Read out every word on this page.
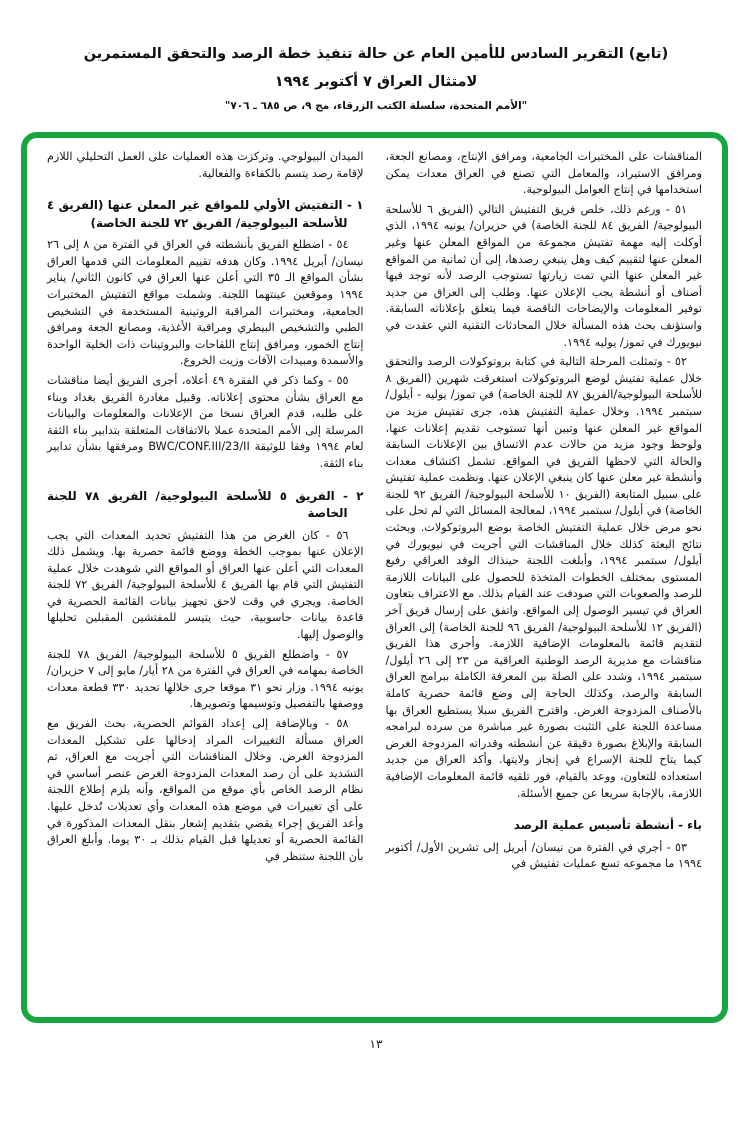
(تابع) التقرير السادس للأمين العام عن حالة تنفيذ خطة الرصد والتحقق المستمرين
لامتثال العراق ٧ أكتوبر ١٩٩٤
"الأمم المتحدة، سلسلة الكتب الزرقاء، مج ٩، ص ٦٨٥ ـ ٧٠٦"

المناقشات على المختبرات الجامعية، ومرافق الإنتاج، ومصانع الجعة، ومرافق الاستيراد، والمعامل التي تصنع في العراق معدات يمكن استخدامها في إنتاج العوامل البيولوجية.

٥١ - ورغم ذلك، خلص فريق التفتيش التالي (الفريق ٦ للأسلحة البيولوجية/ الفريق ٨٤ للجنة الخاصة) في حزيران/ يونيه ١٩٩٤، الذي أوكلت إليه مهمة تفتيش مجموعة من المواقع المعلن عنها وغير المعلن عنها لتقييم كيف وهل ينبغي رصدها، إلى أن ثمانية من المواقع غير المعلن عنها التي تمت زيارتها تستوجب الرصد لأنه توجد فيها أصناف أو أنشطة يجب الإعلان عنها. وطلب إلى العراق من جديد توفير المعلومات والإيضاحات الناقصة فيما يتعلق بإعلاناته السابقة. واستؤنف بحث هذه المسألة خلال المحادثات التقنية التي عقدت في نيويورك في تموز/ يوليه ١٩٩٤.

٥٢ - وتمثلت المرحلة التالية في كتابة بروتوكولات الرصد والتحقق خلال عملية تفتيش لوضع البروتوكولات استغرقت شهرين (الفريق ٨ للأسلحة البيولوجية/الفريق ٨٧ للجنة الخاصة) في تموز/ يوليه - أيلول/ سبتمبر ١٩٩٤. وخلال عملية التفتيش هذه، جرى تفتيش مزيد من المواقع غير المعلن عنها وتبين أنها تستوجب تقديم إعلانات عنها، ولوحظ وجود مزيد من حالات عدم الاتساق بين الإعلانات السابقة والحالة التي لاحظها الفريق في المواقع. تشمل اكتشاف معدات وأنشطة غير معلن عنها كان ينبغي الإعلان عنها. ونظمت عملية تفتيش على سبيل المتابعة (الفريق ١٠ للأسلحة البيولوجية/ الفريق ٩٢ للجنة الخاصة) في أيلول/ سبتمبر ١٩٩٤، لمعالجة المسائل التي لم تحل على نحو مرض خلال عملية التفتيش الخاصة بوضع البروتوكولات. وبحثت نتائج البعثة كذلك خلال المناقشات التي أجريت في نيويورك في أيلول/ سبتمبر ١٩٩٤، وأبلغت اللجنة حينذاك الوفد العراقي رفيع المستوى بمختلف الخطوات المتخذة للحصول على البيانات اللازمة للرصد والصعوبات التي صودفت عند القيام بذلك. مع الاعتراف بتعاون العراق في تيسير الوصول إلى المواقع. واتفق على إرسال فريق آخر (الفريق ١٢ للأسلحة البيولوجية/ الفريق ٩٦ للجنة الخاصة) إلى العراق لتقديم قائمة بالمعلومات الإضافية اللازمة. وأجرى هذا الفريق مناقشات مع مديرية الرصد الوطنية العراقية من ٢٣ إلى ٢٦ أيلول/ سبتمبر ١٩٩٤، وشدد على الصلة بين المعرفة الكاملة ببرامج العراق السابقة والرصد، وكذلك الحاجة إلى وضع قائمة حصرية كاملة بالأصناف المزدوجة الغرض. واقترح الفريق سبلا يستطيع العراق بها مساعدة اللجنة على التثبت بصورة غير مباشرة من سرده لبرامجه السابقة والإبلاغ بصورة دقيقة عن أنشطته وقدراته المزدوجة الغرض كيما يتاح للجنة الإسراع في إنجاز ولايتها. وأكد العراق من جديد استعداده للتعاون، ووعد بالقيام، فور تلقيه قائمة المعلومات الإضافية اللازمة، بالإجابة سريعا عن جميع الأسئلة.

باء - أنشطة تأسيس عملية الرصد

٥٣ - أجري في الفترة من نيسان/ أبريل إلى تشرين الأول/ أكتوبر ١٩٩٤ ما مجموعه تسع عمليات تفتيش في

الميدان البيولوجي. وتركزت هذه العمليات على العمل التحليلي اللازم لإقامة رصد يتسم بالكفاءة والفعالية.

١ - التفتيش الأولي للمواقع غير المعلن عنها (الفريق ٤ للأسلحة البيولوجية/ الفريق ٧٢ للجنة الخاصة)

٥٤ - اضطلع الفريق بأنشطته في العراق في الفترة من ٨ إلى ٢٦ نيسان/ أبريل ١٩٩٤. وكان هدفه تقييم المعلومات التي قدمها العراق بشأن المواقع الـ ٣٥ التي أعلن عنها العراق في كانون الثاني/ يناير ١٩٩٤ وموقعين عينتهما اللجنة. وشملت مواقع التفتيش المختبرات الجامعية، ومختبرات المراقبة الروتينية المستخدمة في التشخيص الطبي والتشخيص البيطري ومراقبة الأغذية، ومصانع الجعة ومرافق إنتاج الخمور، ومرافق إنتاج اللقاحات والبروتينات ذات الخلية الواحدة والأسمدة ومبيدات الآفات وزيت الخروع.

٥٥ - وكما ذكر في الفقرة ٤٩ أعلاه، أجرى الفريق أيضا مناقشات مع العراق بشأن محتوى إعلاناته. وقبيل مغادرة الفريق بغداد وبناء على طلبه، قدم العراق نسخا من الإعلانات والمعلومات والبيانات المرسلة إلى الأمم المتحدة عملا بالاتفاقات المتعلقة بتدابير بناء الثقة لعام ١٩٩٤ وفقا للوثيقة BWC/CONF.III/23/II ومرفقها بشأن تدابير بناء الثقة.

٢ - الفريق ٥ للأسلحة البيولوجية/ الفريق ٧٨ للجنة الخاصة

٥٦ - كان الغرض من هذا التفتيش تحديد المعدات التي يجب الإعلان عنها بموجب الخطة ووضع قائمة حصرية بها. ويشمل ذلك المعدات التي أعلن عنها العراق أو المواقع التي شوهدت خلال عملية التفتيش التي قام بها الفريق ٤ للأسلحة البيولوجية/ الفريق ٧٢ للجنة الخاصة. ويجري في وقت لاحق تجهيز بيانات القائمة الحصرية في قاعدة بيانات حاسوبية، حيث يتيسر للمفتشين المقبلين تحليلها والوصول إليها.

٥٧ - واضطلع الفريق ٥ للأسلحة البيولوجية/ الفريق ٧٨ للجنة الخاصة بمهامه في العراق في الفترة من ٢٨ أيار/ مايو إلى ٧ حزيران/ يونيه ١٩٩٤. وزار نحو ٣١ موقعا جرى خلالها تحديد ٣٣٠ قطعة معدات ووصفها بالتفصيل وتوسيمها وتصويرها.

٥٨ - وبالإضافة إلى إعداد القوائم الحصرية، بحث الفريق مع العراق مسألة التغييرات المراد إدخالها على تشكيل المعدات المزدوجة الغرض. وخلال المناقشات التي أجريت مع العراق، تم التشديد على أن رصد المعدات المزدوجة الغرض عنصر أساسي في نظام الرصد الخاص بأي موقع من المواقع، وأنه يلزم إطلاع اللجنة على أي تغييرات في موضع هذه المعدات وأي تعديلات تُدخل عليها. وأعد الفريق إجراء يقضي بتقديم إشعار بنقل المعدات المذكورة في القائمة الحصرية أو تعديلها قبل القيام بذلك بـ ٣٠ يوما. وأبلغ العراق بأن اللجنة ستنظر في

١٣
